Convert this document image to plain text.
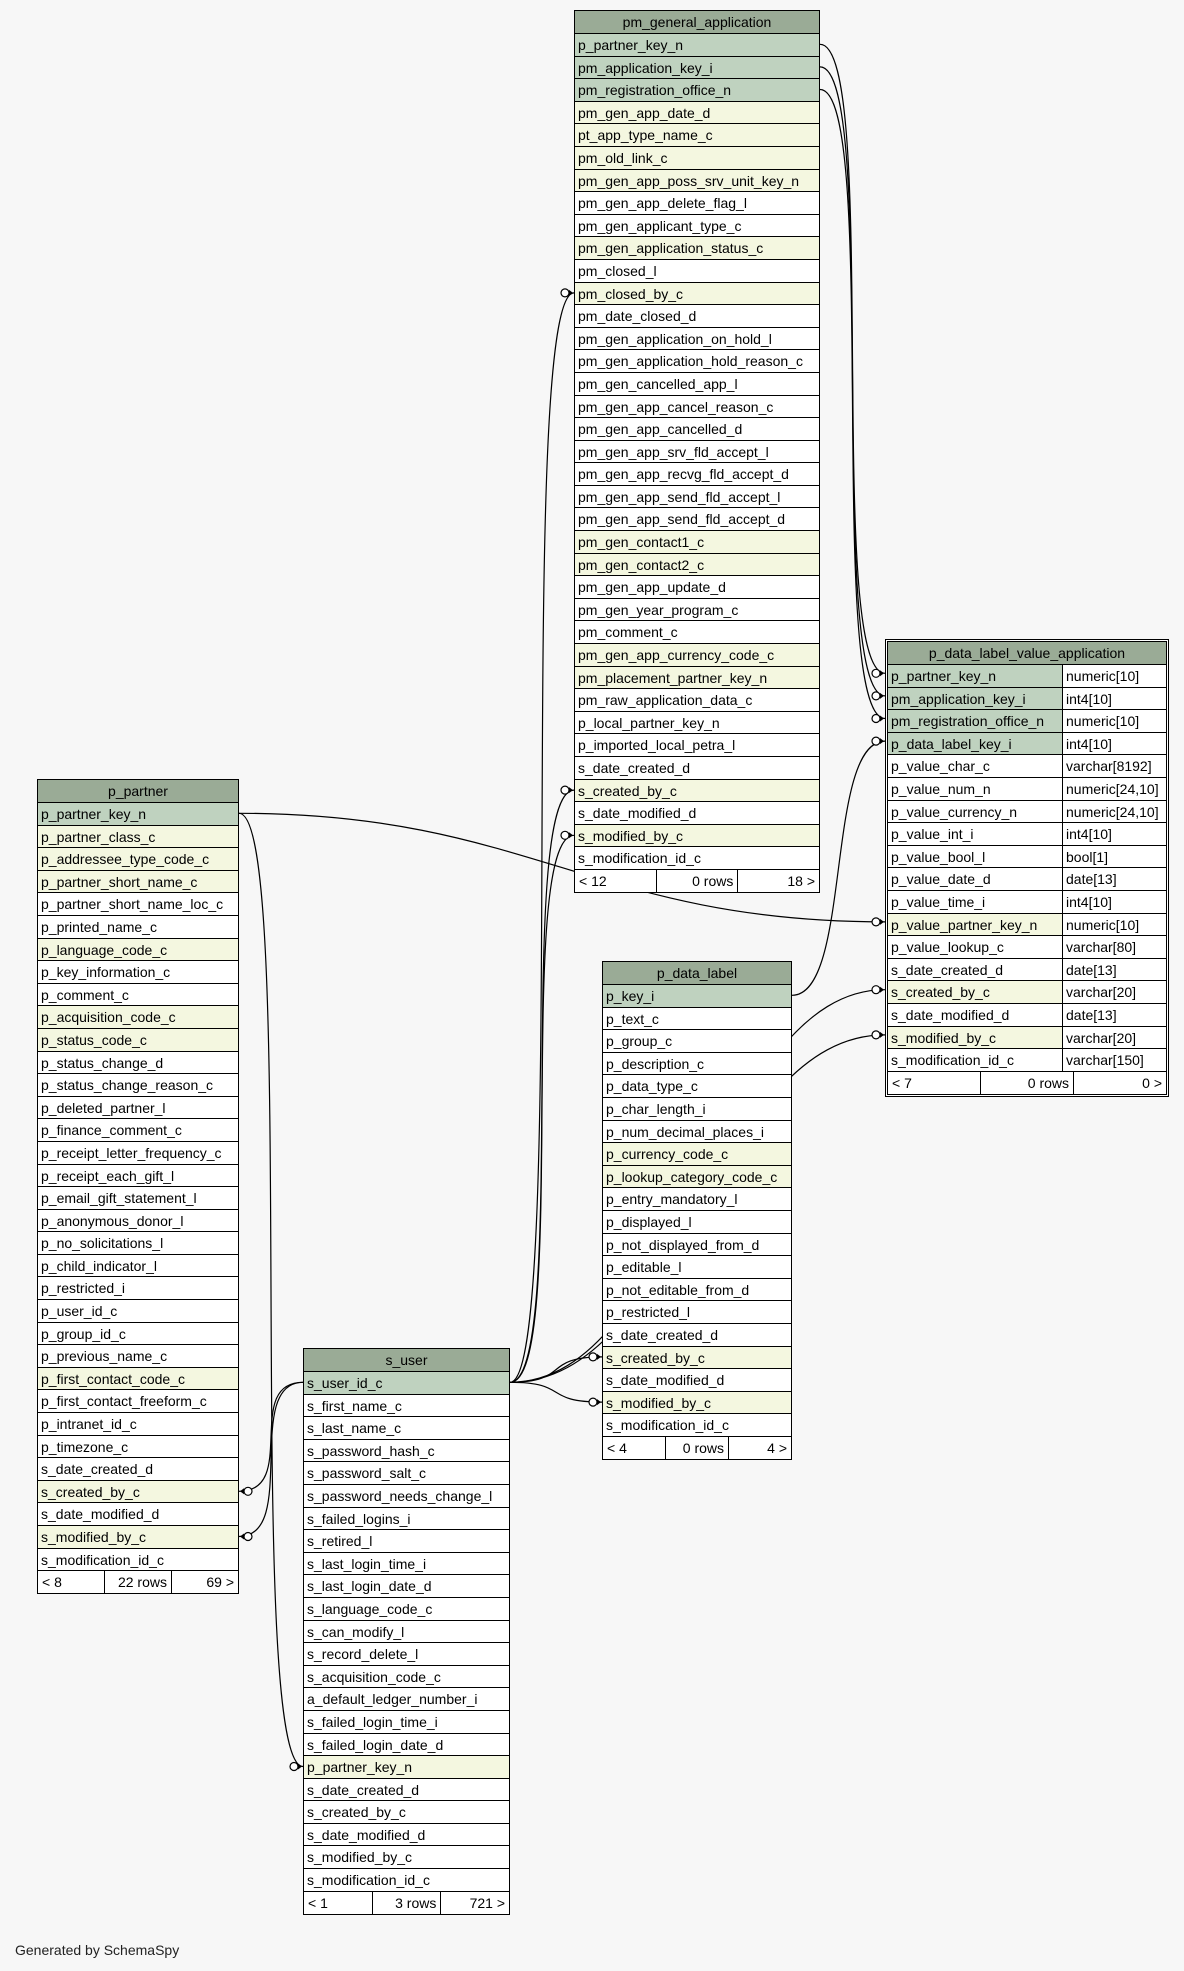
pm_general_application
p_partner_key_n
pm_application_key_i
pm_registration_office_n
pm_gen_app_date_d
pt_app_type_name_c
pm_old_link_c
pm_gen_app_poss_srv_unit_key_n
pm_gen_app_delete_flag_l
pm_gen_applicant_type_c
pm_gen_application_status_c
pm_closed_l
pm_closed_by_c
pm_date_closed_d
pm_gen_application_on_hold_l
pm_gen_application_hold_reason_c
pm_gen_cancelled_app_l
pm_gen_app_cancel_reason_c
pm_gen_app_cancelled_d
pm_gen_app_srv_fld_accept_l
pm_gen_app_recvg_fld_accept_d
pm_gen_app_send_fld_accept_l
pm_gen_app_send_fld_accept_d
pm_gen_contact1_c
pm_gen_contact2_c
pm_gen_app_update_d
pm_gen_year_program_c
pm_comment_c
pm_gen_app_currency_code_c
pm_placement_partner_key_n
pm_raw_application_data_c
p_local_partner_key_n
p_imported_local_petra_l
s_date_created_d
s_created_by_c
s_date_modified_d
s_modified_by_c
s_modification_id_c
< 12	0 rows	18 >
p_data_label_value_application
p_partner_key_n	numeric[10]
pm_application_key_i	int4[10]
pm_registration_office_n	numeric[10]
p_data_label_key_i	int4[10]
p_value_char_c	varchar[8192]
p_value_num_n	numeric[24,10]
p_value_currency_n	numeric[24,10]
p_value_int_i	int4[10]
p_value_bool_l	bool[1]
p_value_date_d	date[13]
p_value_time_i	int4[10]
p_value_partner_key_n	numeric[10]
p_value_lookup_c	varchar[80]
s_date_created_d	date[13]
s_created_by_c	varchar[20]
s_date_modified_d	date[13]
s_modified_by_c	varchar[20]
s_modification_id_c	varchar[150]
< 7	0 rows	0 >
p_partner
p_partner_key_n
p_partner_class_c
p_addressee_type_code_c
p_partner_short_name_c
p_partner_short_name_loc_c
p_printed_name_c
p_language_code_c
p_key_information_c
p_comment_c
p_acquisition_code_c
p_status_code_c
p_status_change_d
p_status_change_reason_c
p_deleted_partner_l
p_finance_comment_c
p_receipt_letter_frequency_c
p_receipt_each_gift_l
p_email_gift_statement_l
p_anonymous_donor_l
p_no_solicitations_l
p_child_indicator_l
p_restricted_i
p_user_id_c
p_group_id_c
p_previous_name_c
p_first_contact_code_c
p_first_contact_freeform_c
p_intranet_id_c
p_timezone_c
s_date_created_d
s_created_by_c
s_date_modified_d
s_modified_by_c
s_modification_id_c
< 8	22 rows	69 >
p_data_label
p_key_i
p_text_c
p_group_c
p_description_c
p_data_type_c
p_char_length_i
p_num_decimal_places_i
p_currency_code_c
p_lookup_category_code_c
p_entry_mandatory_l
p_displayed_l
p_not_displayed_from_d
p_editable_l
p_not_editable_from_d
p_restricted_l
s_date_created_d
s_created_by_c
s_date_modified_d
s_modified_by_c
s_modification_id_c
< 4	0 rows	4 >
s_user
s_user_id_c
s_first_name_c
s_last_name_c
s_password_hash_c
s_password_salt_c
s_password_needs_change_l
s_failed_logins_i
s_retired_l
s_last_login_time_i
s_last_login_date_d
s_language_code_c
s_can_modify_l
s_record_delete_l
s_acquisition_code_c
a_default_ledger_number_i
s_failed_login_time_i
s_failed_login_date_d
p_partner_key_n
s_date_created_d
s_created_by_c
s_date_modified_d
s_modified_by_c
s_modification_id_c
< 1	3 rows	721 >
Generated by SchemaSpy
